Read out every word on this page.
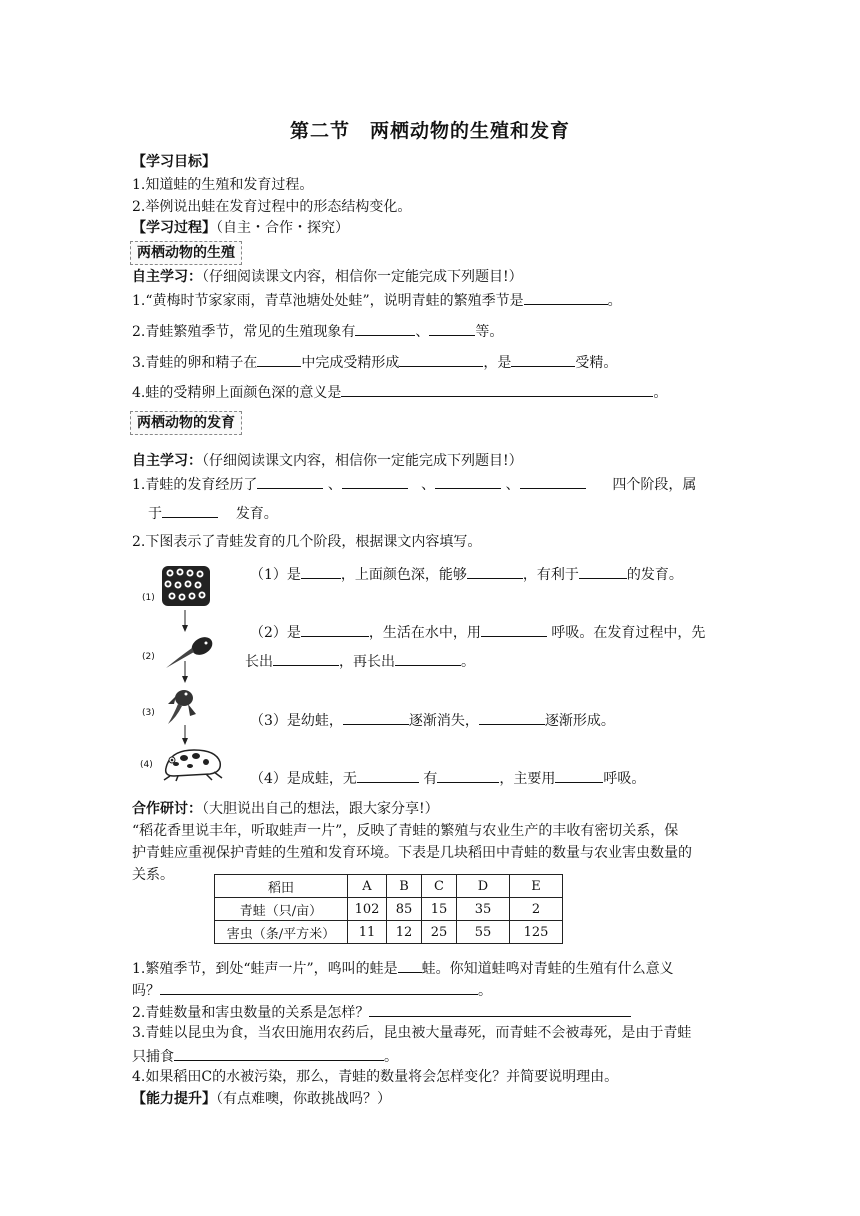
第二节　两栖动物的生殖和发育
【学习目标】
1.知道蛙的生殖和发育过程。
2.举例说出蛙在发育过程中的形态结构变化。
【学习过程】（自主・合作・探究）
两栖动物的生殖
自主学习：（仔细阅读课文内容，相信你一定能完成下列题目!）
1.“黄梅时节家家雨，青草池塘处处蛙”，说明青蛙的繁殖季节是	。
2.青蛙繁殖季节，常见的生殖现象有	、	等。
3.青蛙的卵和精子在	中完成受精形成	，是	受精。
4.蛙的受精卵上面颜色深的意义是	。
两栖动物的发育
自主学习：（仔细阅读课文内容，相信你一定能完成下列题目!）
1.青蛙的发育经历了	、	、	、	四个阶段，属
于	发育。
2.下图表示了青蛙发育的几个阶段，根据课文内容填写。
(1)
(2)
(3)
(4)
（1）是	，上面颜色深，能够	，有利于	的发育。
（2）是	，生活在水中，用	呼吸。在发育过程中，先
长出	，再长出	。
（3）是幼蛙，	逐渐消失，	逐渐形成。
（4）是成蛙，无	有	，主要用	呼吸。
合作研讨：（大胆说出自己的想法，跟大家分享!）
“稻花香里说丰年，听取蛙声一片”，反映了青蛙的繁殖与农业生产的丰收有密切关系，保
护青蛙应重视保护青蛙的生殖和发育环境。下表是几块稻田中青蛙的数量与农业害虫数量的
关系。
稻田	A	B	C	D	E
青蛙（只/亩）	102	85	15	35	2
害虫（条/平方米）	11	12	25	55	125
1.繁殖季节，到处“蛙声一片”，鸣叫的蛙是 蛙。你知道蛙鸣对青蛙的生殖有什么意义
吗？	。
2.青蛙数量和害虫数量的关系是怎样？
3.青蛙以昆虫为食，当农田施用农药后，昆虫被大量毒死，而青蛙不会被毒死，是由于青蛙
只捕食	。
4.如果稻田C的水被污染，那么，青蛙的数量将会怎样变化？并简要说明理由。
【能力提升】（有点难噢，你敢挑战吗？）
